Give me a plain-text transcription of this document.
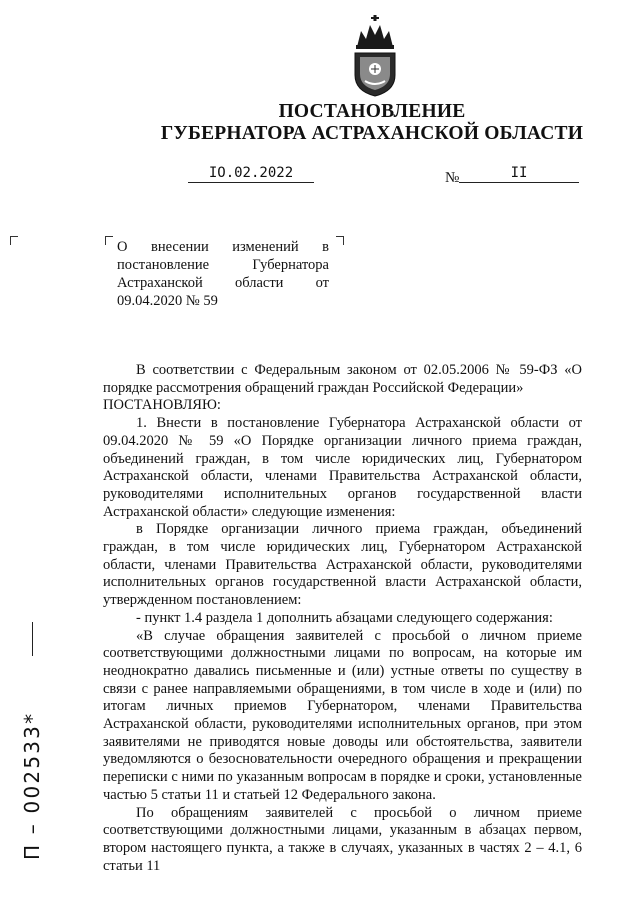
ПОСТАНОВЛЕНИЕ
ГУБЕРНАТОРА АСТРАХАНСКОЙ ОБЛАСТИ
IO.02.2022	№	II
О внесении изменений в постановление Губернатора Астраханской области от 09.04.2020 № 59

В соответствии с Федеральным законом от 02.05.2006 № 59-ФЗ «О порядке рассмотрения обращений граждан Российской Федерации»

ПОСТАНОВЛЯЮ:

1. Внести в постановление Губернатора Астраханской области от 09.04.2020 № 59 «О Порядке организации личного приема граждан, объединений граждан, в том числе юридических лиц, Губернатором Астраханской области, членами Правительства Астраханской области, руководителями исполнительных органов государственной власти Астраханской области» следующие изменения:

в Порядке организации личного приема граждан, объединений граждан, в том числе юридических лиц, Губернатором Астраханской области, членами Правительства Астраханской области, руководителями исполнительных органов государственной власти Астраханской области, утвержденном постановлением:

- пункт 1.4 раздела 1 дополнить абзацами следующего содержания:

«В случае обращения заявителей с просьбой о личном приеме соответствующими должностными лицами по вопросам, на которые им неоднократно давались письменные и (или) устные ответы по существу в связи с ранее направляемыми обращениями, в том числе в ходе и (или) по итогам личных приемов Губернатором, членами Правительства Астраханской области, руководителями исполнительных органов, при этом заявителями не приводятся новые доводы или обстоятельства, заявители уведомляются о безосновательности очередного обращения и прекращении переписки с ними по указанным вопросам в порядке и сроки, установленные частью 5 статьи 11 и статьей 12 Федерального закона.

По обращениям заявителей с просьбой о личном приеме соответствующими должностными лицами, указанным в абзацах первом, втором настоящего пункта, а также в случаях, указанных в частях 2 – 4.1, 6 статьи 11

П – 002533*
